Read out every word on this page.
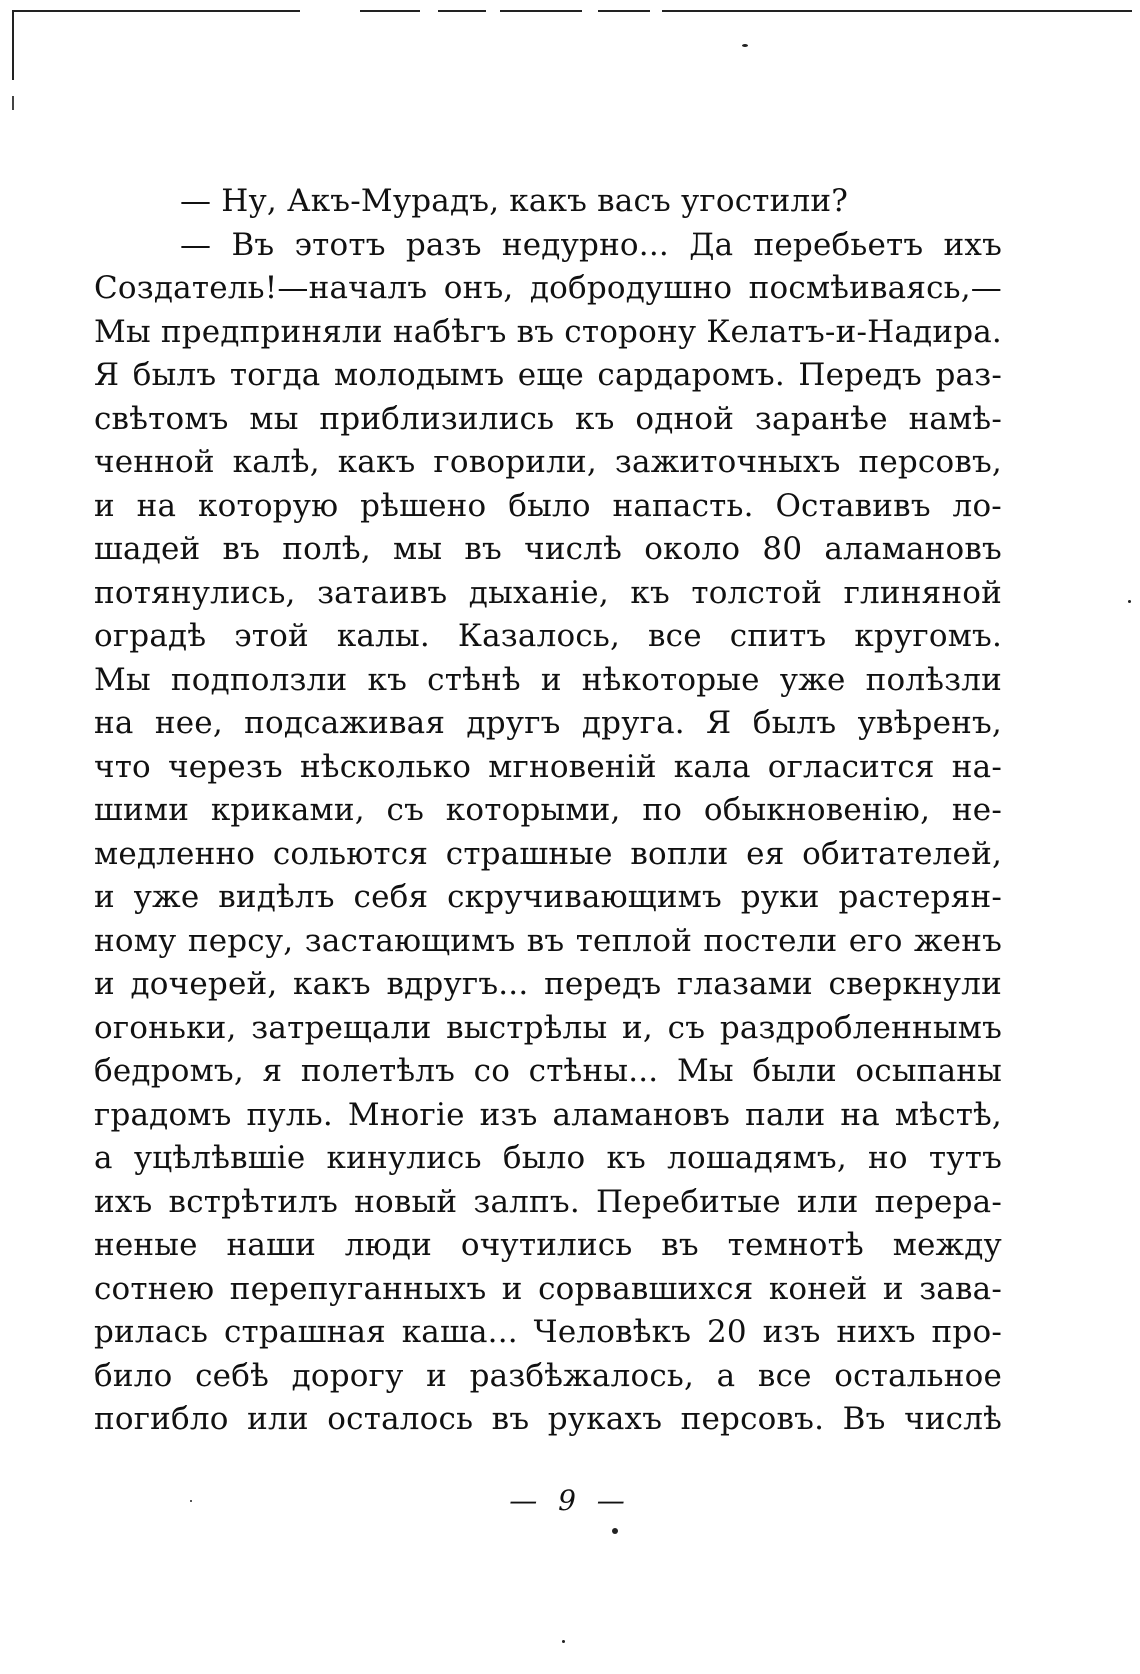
— Ну, Акъ-Мурадъ, какъ васъ угостили?
— Въ этотъ разъ недурно... Да перебьетъ ихъ
Создатель!—началъ онъ, добродушно посмѣиваясь,—
Мы предприняли набѣгъ въ сторону Келатъ-и-Надира.
Я былъ тогда молодымъ еще сардаромъ. Передъ раз-
свѣтомъ мы приблизились къ одной заранѣе намѣ-
ченной калѣ, какъ говорили, зажиточныхъ персовъ,
и на которую рѣшено было напасть. Оставивъ ло-
шадей въ полѣ, мы въ числѣ около 80 аламановъ
потянулись, затаивъ дыханіе, къ толстой глиняной
оградѣ этой калы. Казалось, все спитъ кругомъ.
Мы подползли къ стѣнѣ и нѣкоторые уже полѣзли
на нее, подсаживая другъ друга. Я былъ увѣренъ,
что черезъ нѣсколько мгновеній кала огласится на-
шими криками, съ которыми, по обыкновенію, не-
медленно сольются страшные вопли ея обитателей,
и уже видѣлъ себя скручивающимъ руки растерян-
ному персу, застающимъ въ теплой постели его женъ
и дочерей, какъ вдругъ... передъ глазами сверкнули
огоньки, затрещали выстрѣлы и, съ раздробленнымъ
бедромъ, я полетѣлъ со стѣны... Мы были осыпаны
градомъ пуль. Многіе изъ аламановъ пали на мѣстѣ,
а уцѣлѣвшіе кинулись было къ лошадямъ, но тутъ
ихъ встрѣтилъ новый залпъ. Перебитые или перера-
неные наши люди очутились въ темнотѣ между
сотнею перепуганныхъ и сорвавшихся коней и зава-
рилась страшная каша... Человѣкъ 20 изъ нихъ про-
било себѣ дорогу и разбѣжалось, а все остальное
погибло или осталось въ рукахъ персовъ. Въ числѣ
— 9 —
